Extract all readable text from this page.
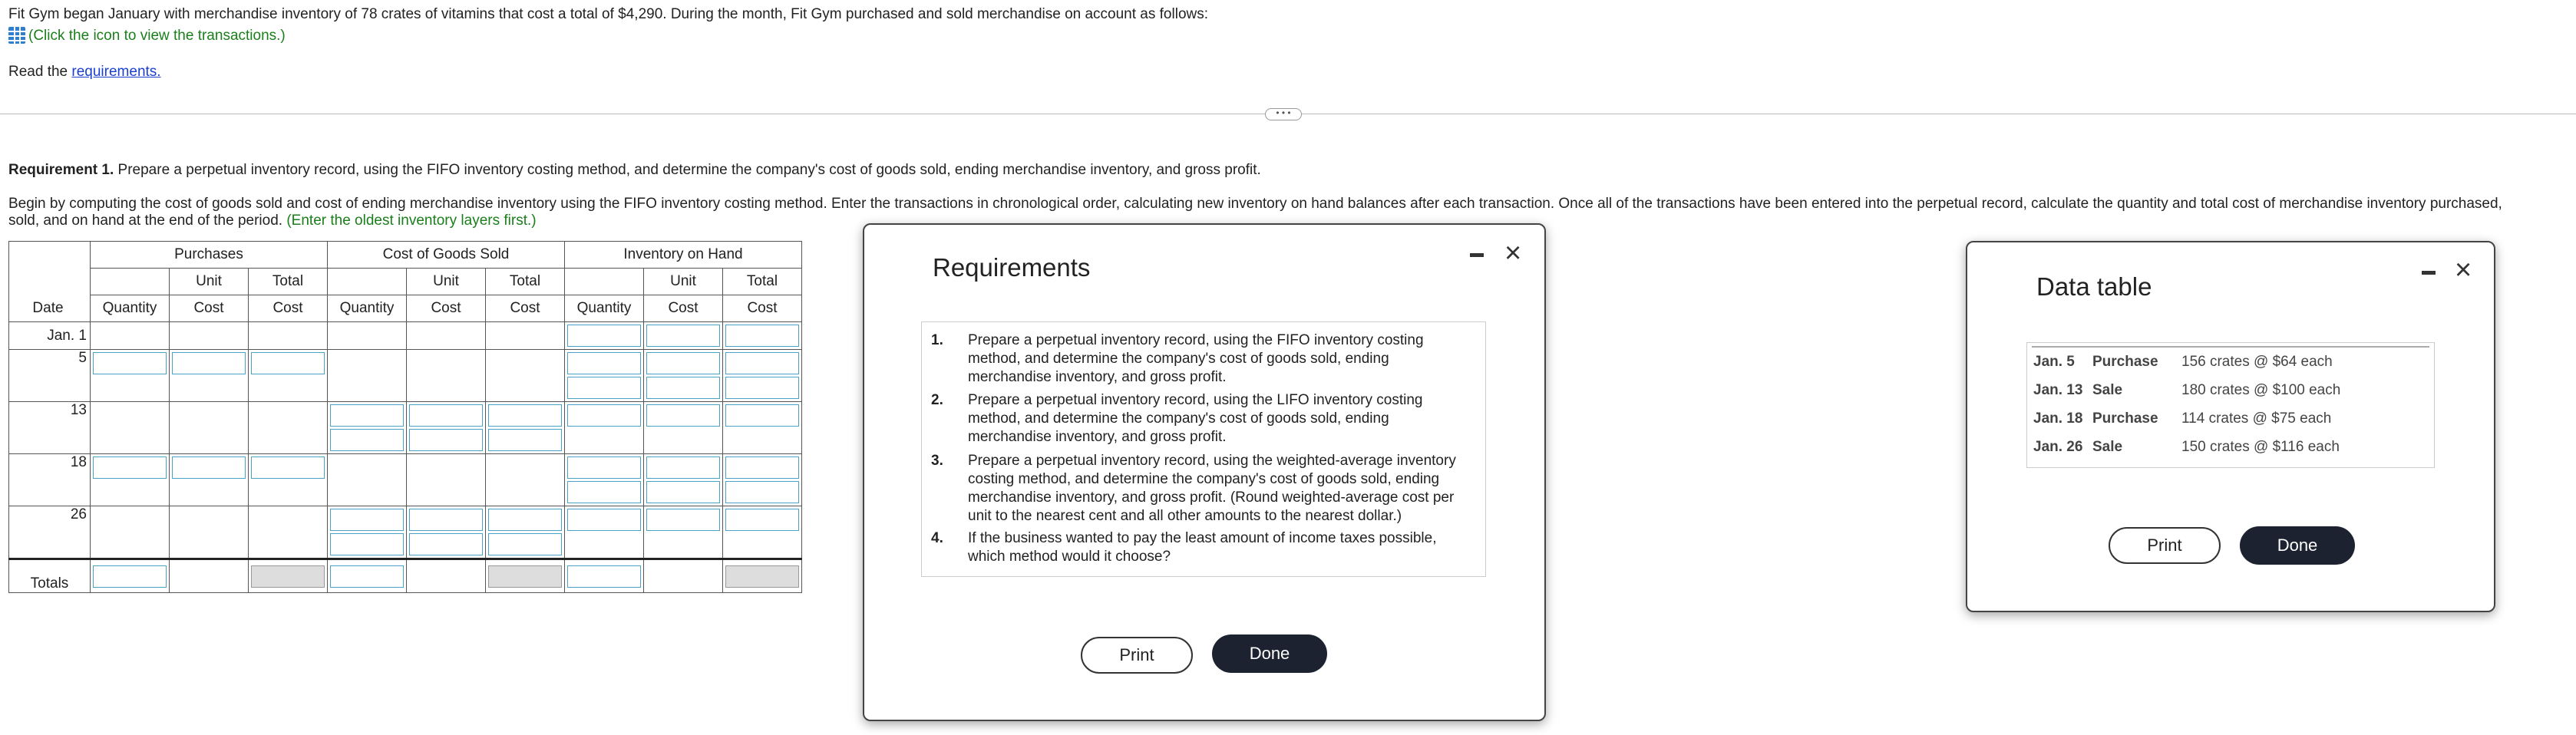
Fit Gym began January with merchandise inventory of 78 crates of vitamins that cost a total of $4,290. During the month, Fit Gym purchased and sold merchandise on account as follows:
(Click the icon to view the transactions.)
Read the requirements.
• • •
Requirement 1. Prepare a perpetual inventory record, using the FIFO inventory costing method, and determine the company's cost of goods sold, ending merchandise inventory, and gross profit.
Begin by computing the cost of goods sold and cost of ending merchandise inventory using the FIFO inventory costing method. Enter the transactions in chronological order, calculating new inventory on hand balances after each transaction. Once all of the transactions have been entered into the perpetual record, calculate the quantity and total cost of merchandise inventory purchased,
sold, and on hand at the end of the period. (Enter the oldest inventory layers first.)
Date	Purchases			Cost of Goods Sold			Inventory on Hand		
		Unit	Total		Unit	Total		Unit	Total
	Quantity	Cost	Cost	Quantity	Cost	Cost	Quantity	Cost	Cost
Jan. 1							

5	

13				

18	

26				

Totals	

Requirements	×
1. Prepare a perpetual inventory record, using the FIFO inventory costing method, and determine the company's cost of goods sold, ending merchandise inventory, and gross profit.
2. Prepare a perpetual inventory record, using the LIFO inventory costing method, and determine the company's cost of goods sold, ending merchandise inventory, and gross profit.
3. Prepare a perpetual inventory record, using the weighted-average inventory costing method, and determine the company's cost of goods sold, ending merchandise inventory, and gross profit. (Round weighted-average cost per unit to the nearest cent and all other amounts to the nearest dollar.)
4. If the business wanted to pay the least amount of income taxes possible, which method would it choose?
Print	Done
Data table
×
Jan. 5 Purchase 156 crates @ $64 each
Jan. 13 Sale	180 crates @ $100 each
Jan. 18 Purchase 114 crates @ $75 each
Jan. 26 Sale	150 crates @ $116 each
Print	Done
